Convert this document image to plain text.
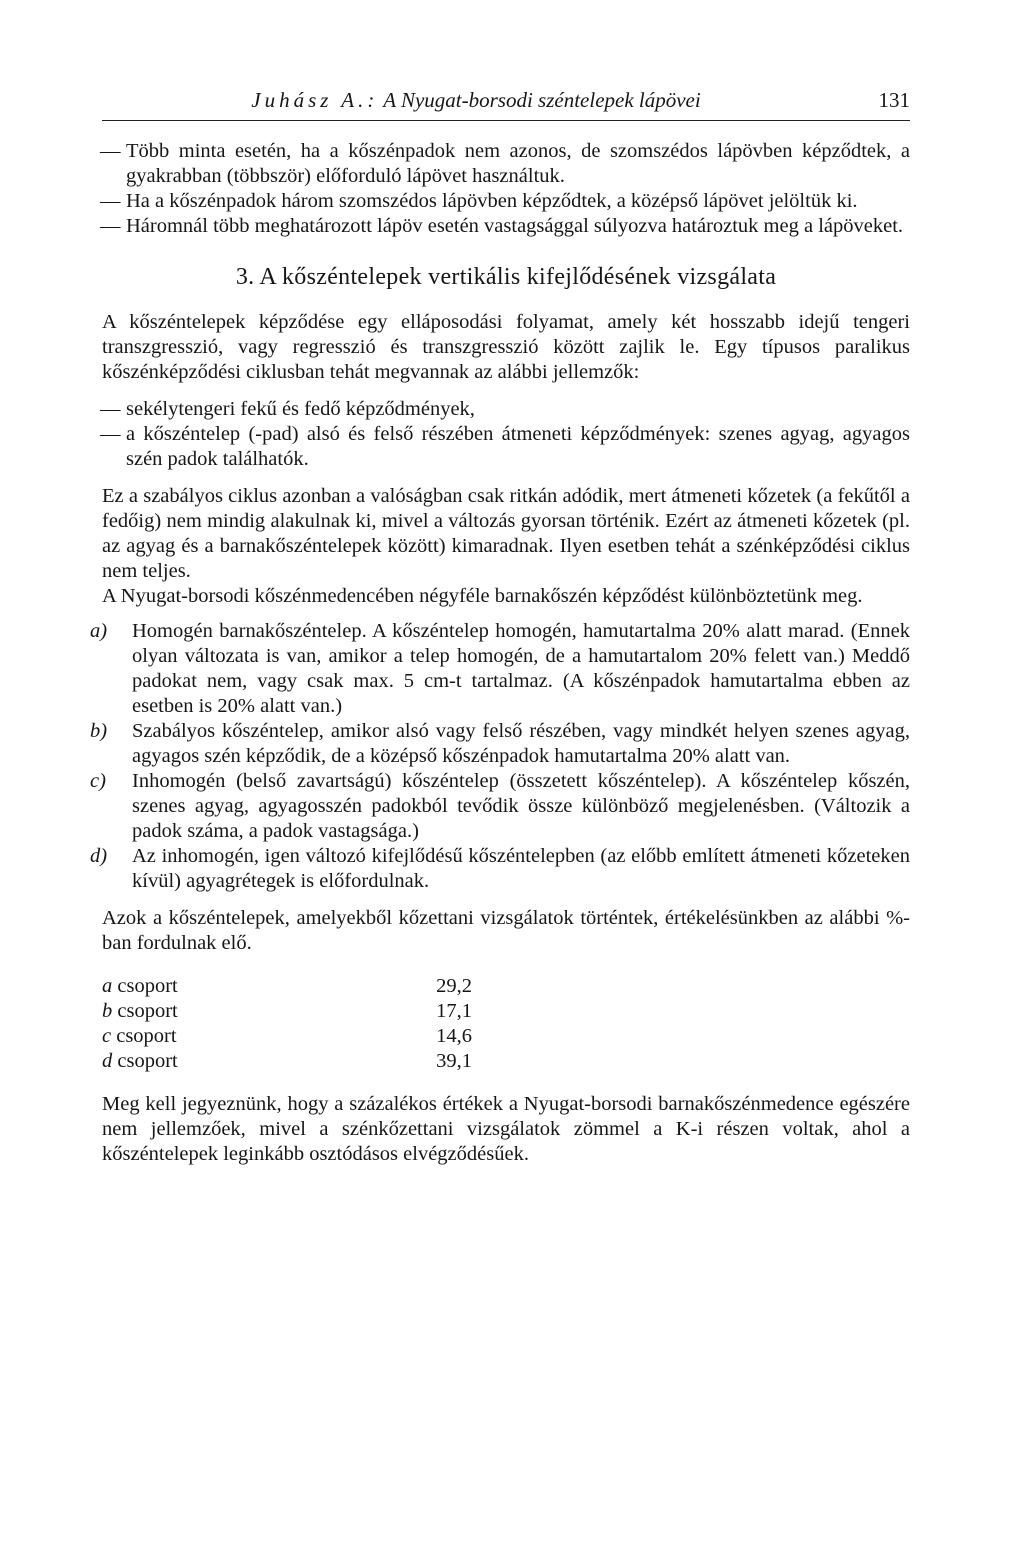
Juhász A.: A Nyugat-borsodi széntelepek lápövei	131
— Több minta esetén, ha a kőszénpadok nem azonos, de szomszédos lápövben képződtek, a gyakrabban (többször) előforduló lápövet használtuk.
— Ha a kőszénpadok három szomszédos lápövben képződtek, a középső lápövet jelöltük ki.
— Háromnál több meghatározott lápöv esetén vastagsággal súlyozva határoztuk meg a lápöveket.
3. A kőszéntelepek vertikális kifejlődésének vizsgálata

A kőszéntelepek képződése egy elláposodási folyamat, amely két hosszabb idejű tengeri transzgresszió, vagy regresszió és transzgresszió között zajlik le. Egy típusos paralikus kőszénképződési ciklusban tehát megvannak az alábbi jellemzők:

— sekélytengeri fekű és fedő képződmények,
— a kőszéntelep (-pad) alsó és felső részében átmeneti képződmények: szenes agyag, agyagos szén padok találhatók.

Ez a szabályos ciklus azonban a valóságban csak ritkán adódik, mert átmeneti kőzetek (a fekűtől a fedőig) nem mindig alakulnak ki, mivel a változás gyorsan történik. Ezért az átmeneti kőzetek (pl. az agyag és a barnakőszéntelepek között) kimaradnak. Ilyen esetben tehát a szénképződési ciklus nem teljes.

A Nyugat-borsodi kőszénmedencében négyféle barnakőszén képződést különböztetünk meg.

a) Homogén barnakőszéntelep. A kőszéntelep homogén, hamutartalma 20% alatt marad. (Ennek olyan változata is van, amikor a telep homogén, de a hamutartalom 20% felett van.) Meddő padokat nem, vagy csak max. 5 cm-t tartalmaz. (A kőszénpadok hamutartalma ebben az esetben is 20% alatt van.)
b) Szabályos kőszéntelep, amikor alsó vagy felső részében, vagy mindkét helyen szenes agyag, agyagos szén képződik, de a középső kőszénpadok hamutartalma 20% alatt van.
c) Inhomogén (belső zavartságú) kőszéntelep (összetett kőszéntelep). A kőszéntelep kőszén, szenes agyag, agyagosszén padokból tevődik össze különböző megjelenésben. (Változik a padok száma, a padok vastagsága.)
d) Az inhomogén, igen változó kifejlődésű kőszéntelepben (az előbb említett átmeneti kőzeteken kívül) agyagrétegek is előfordulnak.

Azok a kőszéntelepek, amelyekből kőzettani vizsgálatok történtek, értékelésünkben az alábbi %-ban fordulnak elő.

a csoport	29,2
b csoport	17,1
c csoport	14,6
d csoport	39,1

Meg kell jegyeznünk, hogy a százalékos értékek a Nyugat-borsodi barnakőszénmedence egészére nem jellemzőek, mivel a szénkőzettani vizsgálatok zömmel a K-i részen voltak, ahol a kőszéntelepek leginkább osztódásos elvégződésűek.
